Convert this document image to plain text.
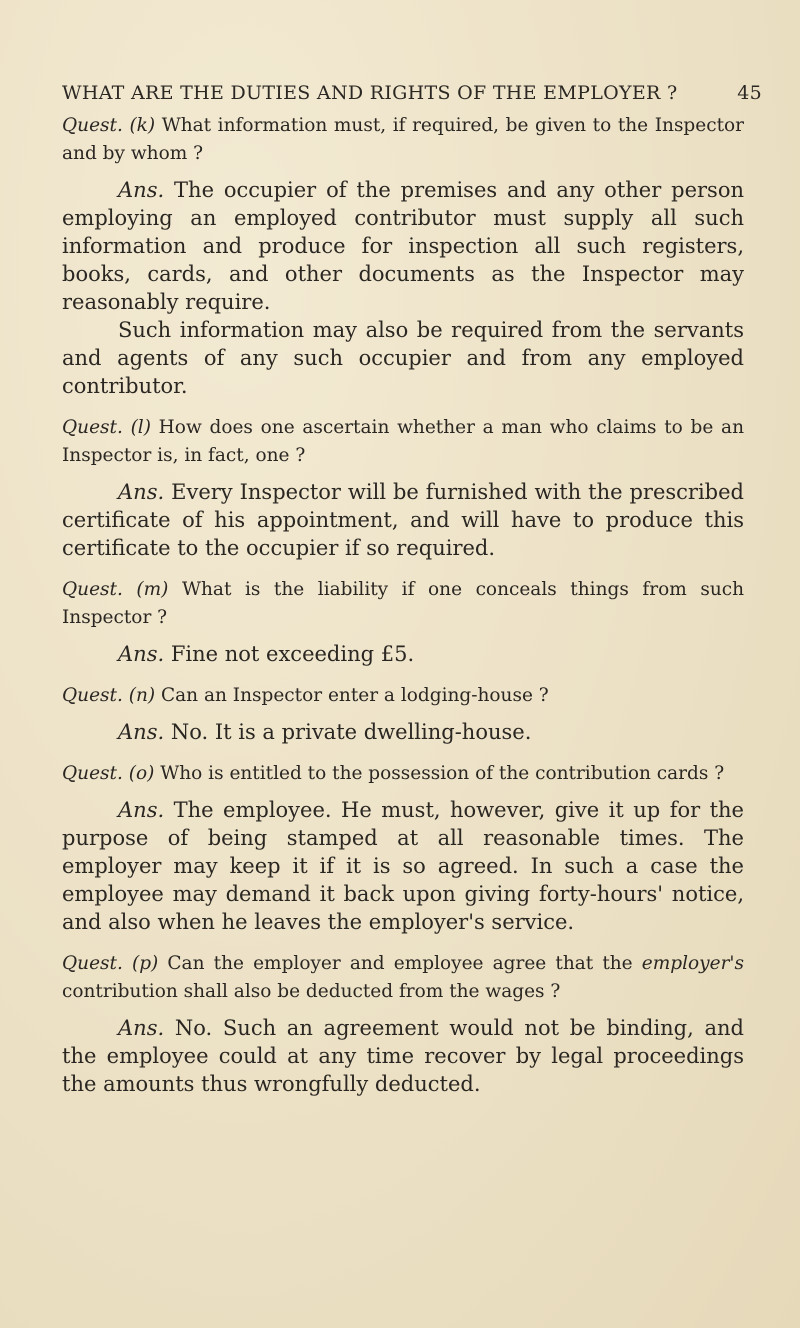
WHAT ARE THE DUTIES AND RIGHTS OF THE EMPLOYER ?	45

Quest. (k) What information must, if required, be given to the Inspector and by whom ?

Ans. The occupier of the premises and any other person employing an employed contributor must supply all such information and produce for inspection all such registers, books, cards, and other documents as the Inspector may reasonably require.

Such information may also be required from the servants and agents of any such occupier and from any employed contributor.

Quest. (l) How does one ascertain whether a man who claims to be an Inspector is, in fact, one ?

Ans. Every Inspector will be furnished with the prescribed certificate of his appointment, and will have to produce this certificate to the occupier if so required.

Quest. (m) What is the liability if one conceals things from such Inspector ?

Ans. Fine not exceeding £5.

Quest. (n) Can an Inspector enter a lodging-house ?

Ans. No. It is a private dwelling-house.

Quest. (o) Who is entitled to the possession of the contribution cards ?

Ans. The employee. He must, however, give it up for the purpose of being stamped at all reasonable times. The employer may keep it if it is so agreed. In such a case the employee may demand it back upon giving forty-hours' notice, and also when he leaves the employer's service.

Quest. (p) Can the employer and employee agree that the employer's contribution shall also be deducted from the wages ?

Ans. No. Such an agreement would not be binding, and the employee could at any time recover by legal proceedings the amounts thus wrongfully deducted.
